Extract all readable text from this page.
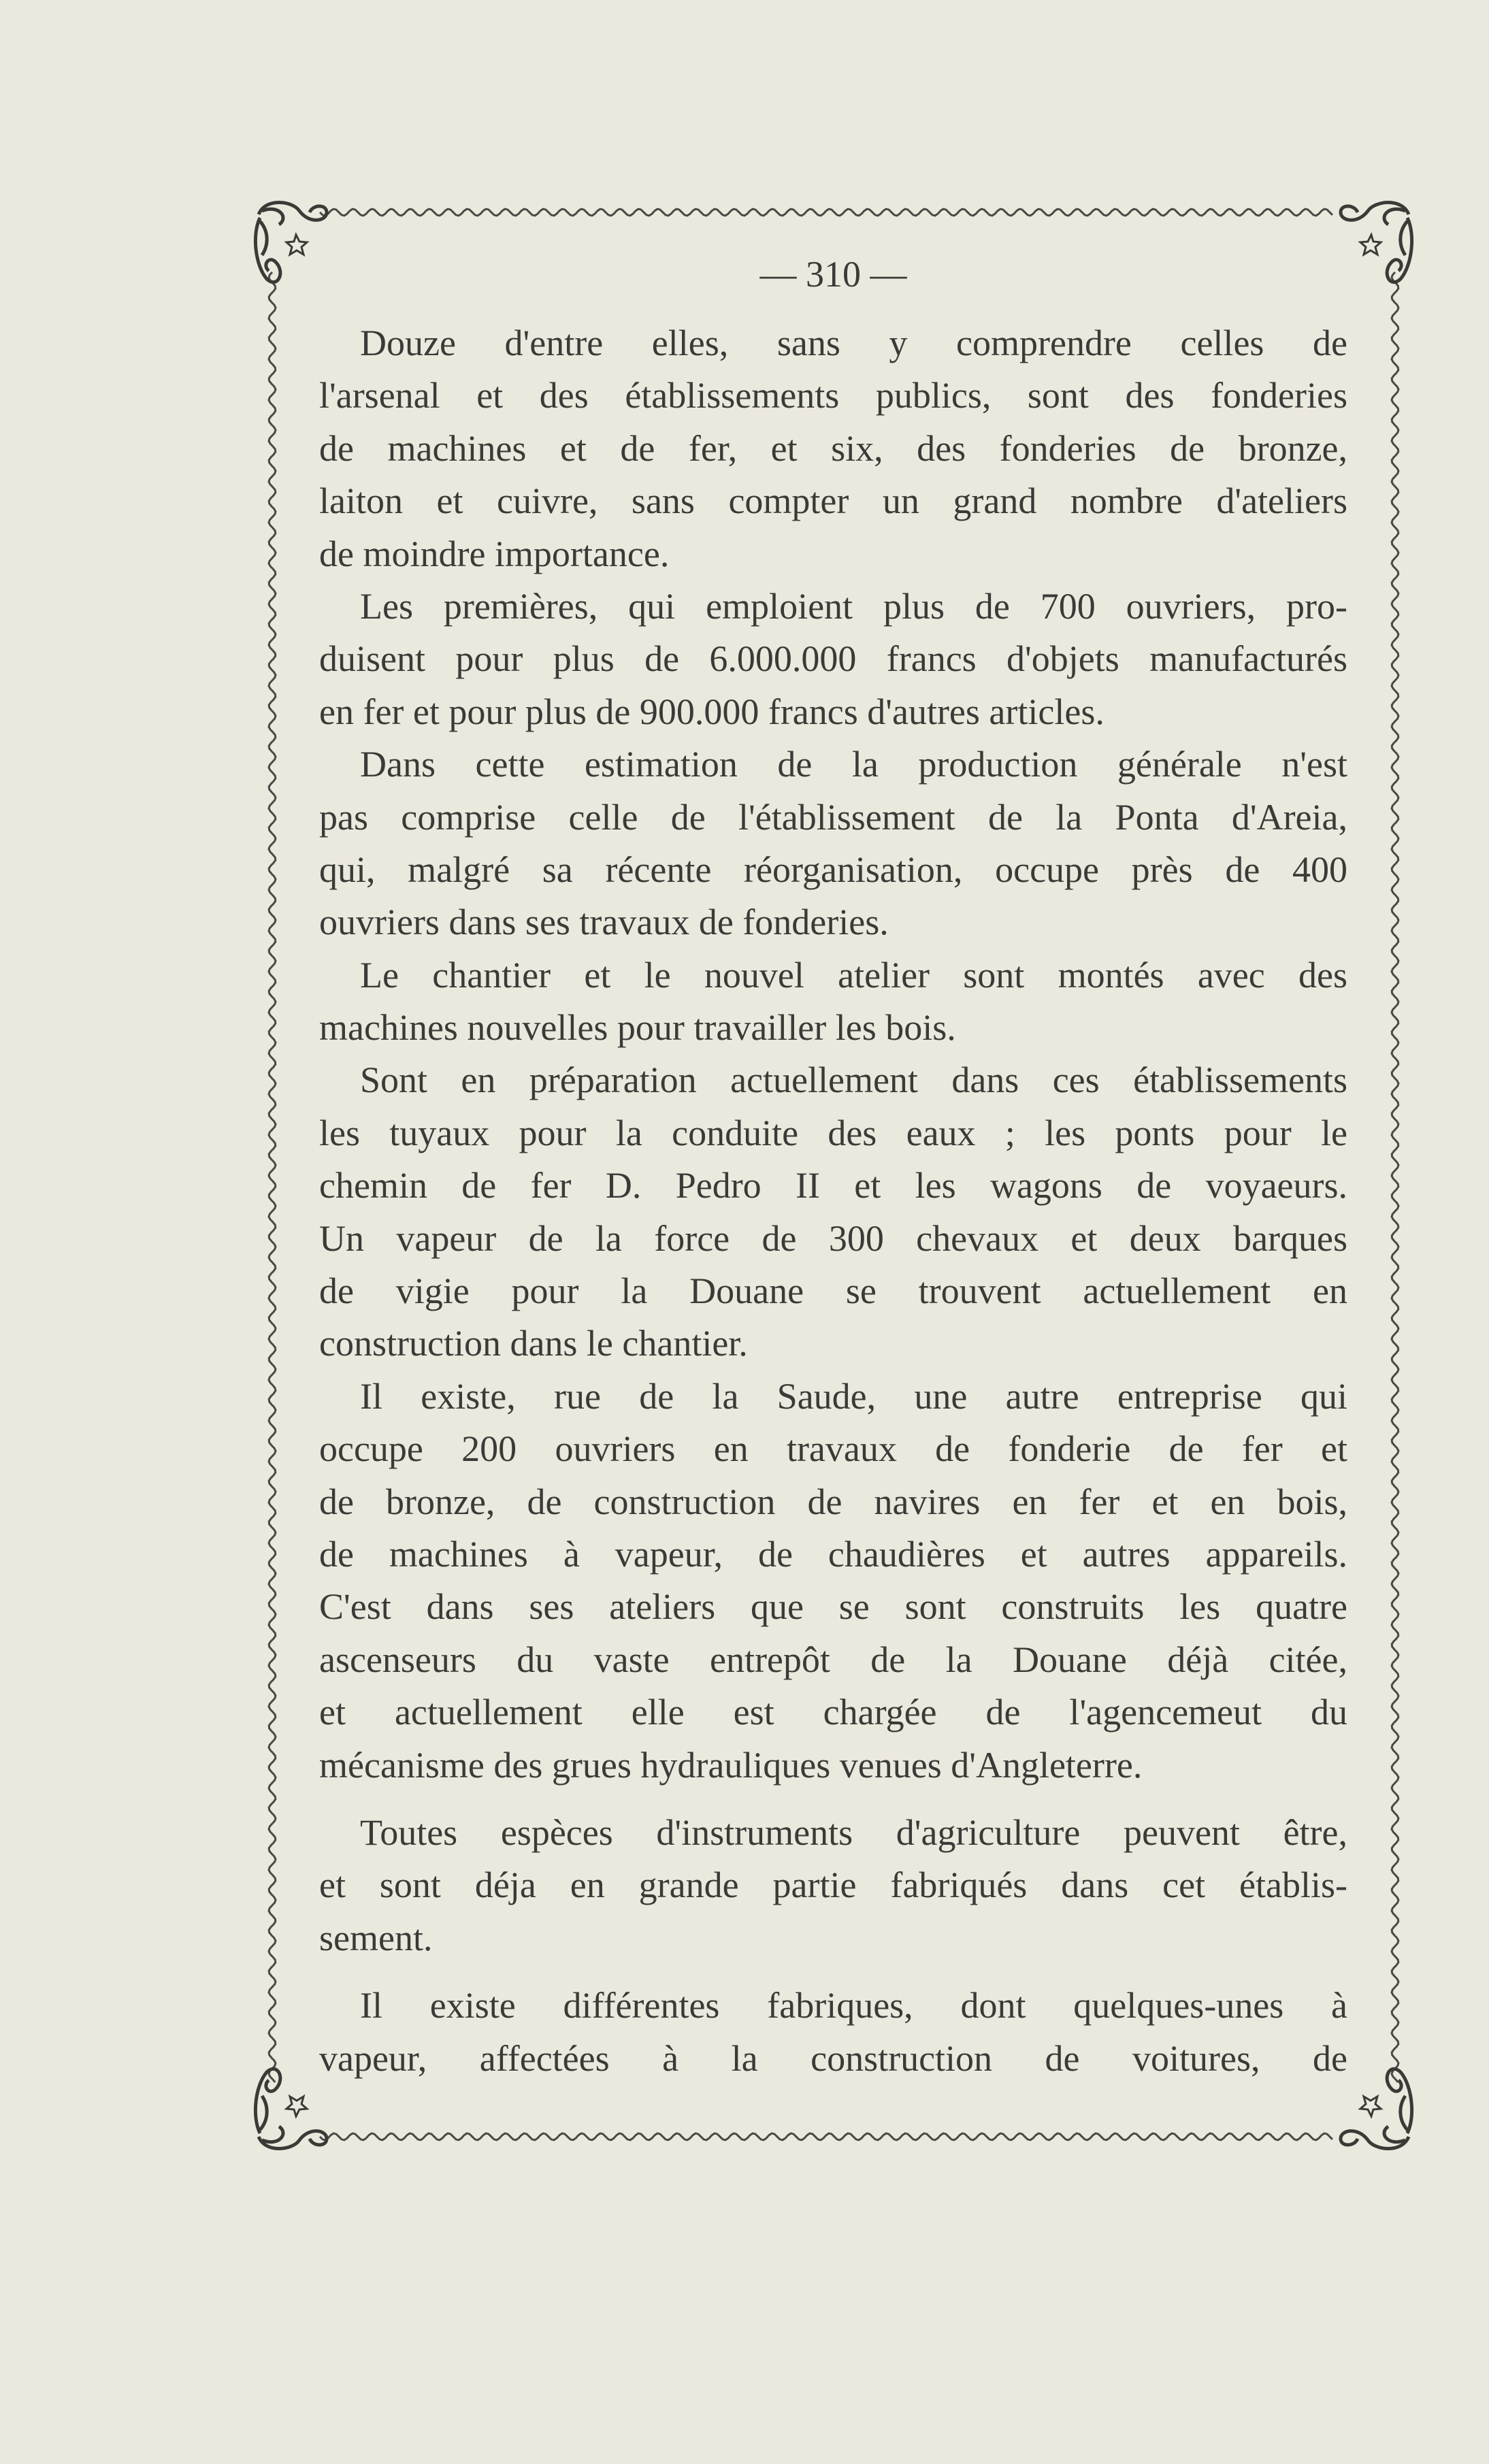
— 310 —
Douze d'entre elles, sans y comprendre celles de
l'arsenal et des établissements publics, sont des fonderies
de machines et de fer, et six, des fonderies de bronze,
laiton et cuivre, sans compter un grand nombre d'ateliers
de moindre importance.
Les premières, qui emploient plus de 700 ouvriers, pro-
duisent pour plus de 6.000.000 francs d'objets manufacturés
en fer et pour plus de 900.000 francs d'autres articles.
Dans cette estimation de la production générale n'est
pas comprise celle de l'établissement de la Ponta d'Areia,
qui, malgré sa récente réorganisation, occupe près de 400
ouvriers dans ses travaux de fonderies.
Le chantier et le nouvel atelier sont montés avec des
machines nouvelles pour travailler les bois.
Sont en préparation actuellement dans ces établissements
les tuyaux pour la conduite des eaux ; les ponts pour le
chemin de fer D. Pedro II et les wagons de voyaeurs.
Un vapeur de la force de 300 chevaux et deux barques
de vigie pour la Douane se trouvent actuellement en
construction dans le chantier.
Il existe, rue de la Saude, une autre entreprise qui
occupe 200 ouvriers en travaux de fonderie de fer et
de bronze, de construction de navires en fer et en bois,
de machines à vapeur, de chaudières et autres appareils.
C'est dans ses ateliers que se sont construits les quatre
ascenseurs du vaste entrepôt de la Douane déjà citée,
et actuellement elle est chargée de l'agencemeut du
mécanisme des grues hydrauliques venues d'Angleterre.
Toutes espèces d'instruments d'agriculture peuvent être,
et sont déja en grande partie fabriqués dans cet établis-
sement.
Il existe différentes fabriques, dont quelques-unes à
vapeur, affectées à la construction de voitures, de
